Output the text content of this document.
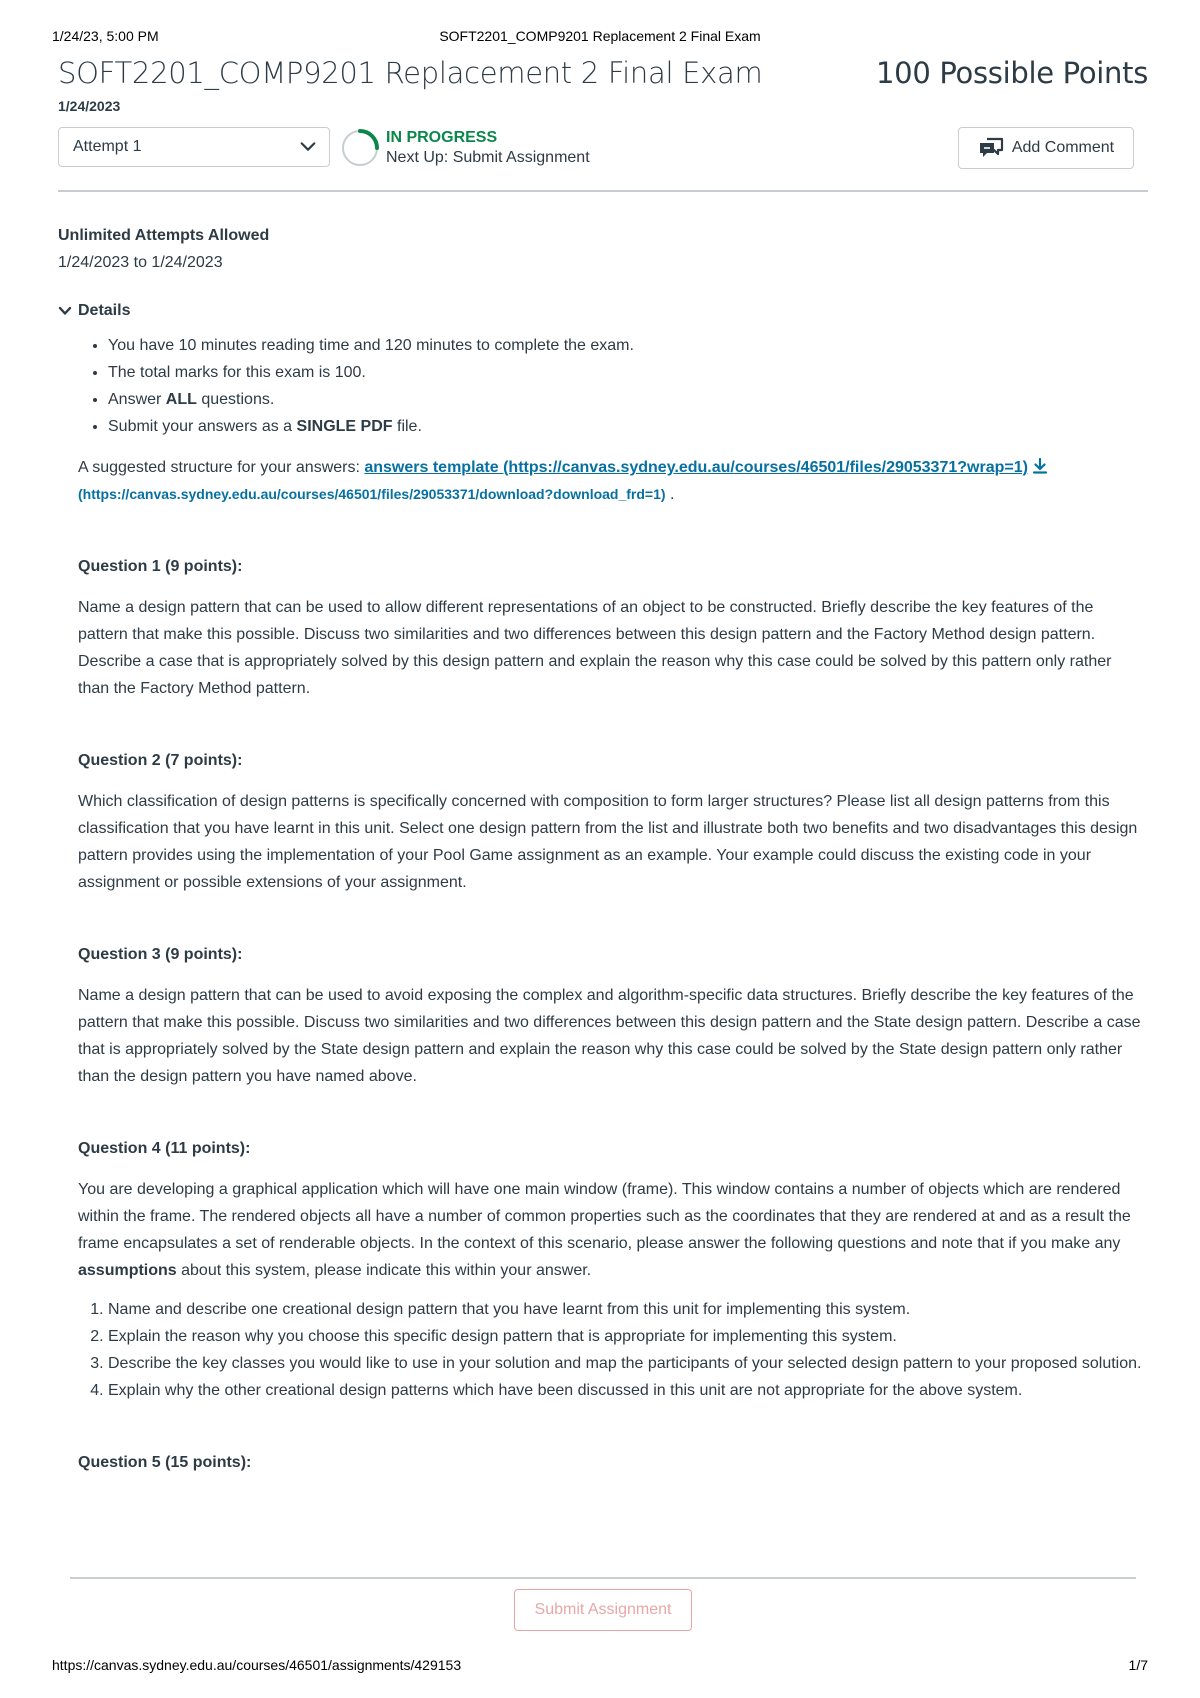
1/24/23, 5:00 PM	SOFT2201_COMP9201 Replacement 2 Final Exam
SOFT2201_COMP9201 Replacement 2 Final Exam	100 Possible Points
1/24/2023
Attempt 1
IN PROGRESS
Next Up: Submit Assignment
Add Comment
Unlimited Attempts Allowed
1/24/2023 to 1/24/2023
Details
• You have 10 minutes reading time and 120 minutes to complete the exam.
• The total marks for this exam is 100.
• Answer ALL questions.
• Submit your answers as a SINGLE PDF file.

A suggested structure for your answers: answers template (https://canvas.sydney.edu.au/courses/46501/files/29053371?wrap=1)
(https://canvas.sydney.edu.au/courses/46501/files/29053371/download?download_frd=1) .

Question 1 (9 points):

Name a design pattern that can be used to allow different representations of an object to be constructed. Briefly describe the key features of the pattern that make this possible. Discuss two similarities and two differences between this design pattern and the Factory Method design pattern. Describe a case that is appropriately solved by this design pattern and explain the reason why this case could be solved by this pattern only rather than the Factory Method pattern.

Question 2 (7 points):

Which classification of design patterns is specifically concerned with composition to form larger structures? Please list all design patterns from this classification that you have learnt in this unit. Select one design pattern from the list and illustrate both two benefits and two disadvantages this design pattern provides using the implementation of your Pool Game assignment as an example. Your example could discuss the existing code in your assignment or possible extensions of your assignment.

Question 3 (9 points):

Name a design pattern that can be used to avoid exposing the complex and algorithm-specific data structures. Briefly describe the key features of the pattern that make this possible. Discuss two similarities and two differences between this design pattern and the State design pattern. Describe a case that is appropriately solved by the State design pattern and explain the reason why this case could be solved by the State design pattern only rather than the design pattern you have named above.

Question 4 (11 points):

You are developing a graphical application which will have one main window (frame). This window contains a number of objects which are rendered within the frame. The rendered objects all have a number of common properties such as the coordinates that they are rendered at and as a result the frame encapsulates a set of renderable objects. In the context of this scenario, please answer the following questions and note that if you make any assumptions about this system, please indicate this within your answer.

1. Name and describe one creational design pattern that you have learnt from this unit for implementing this system.
2. Explain the reason why you choose this specific design pattern that is appropriate for implementing this system.
3. Describe the key classes you would like to use in your solution and map the participants of your selected design pattern to your proposed solution.
4. Explain why the other creational design patterns which have been discussed in this unit are not appropriate for the above system.

Question 5 (15 points):

Submit Assignment
https://canvas.sydney.edu.au/courses/46501/assignments/429153	1/7
